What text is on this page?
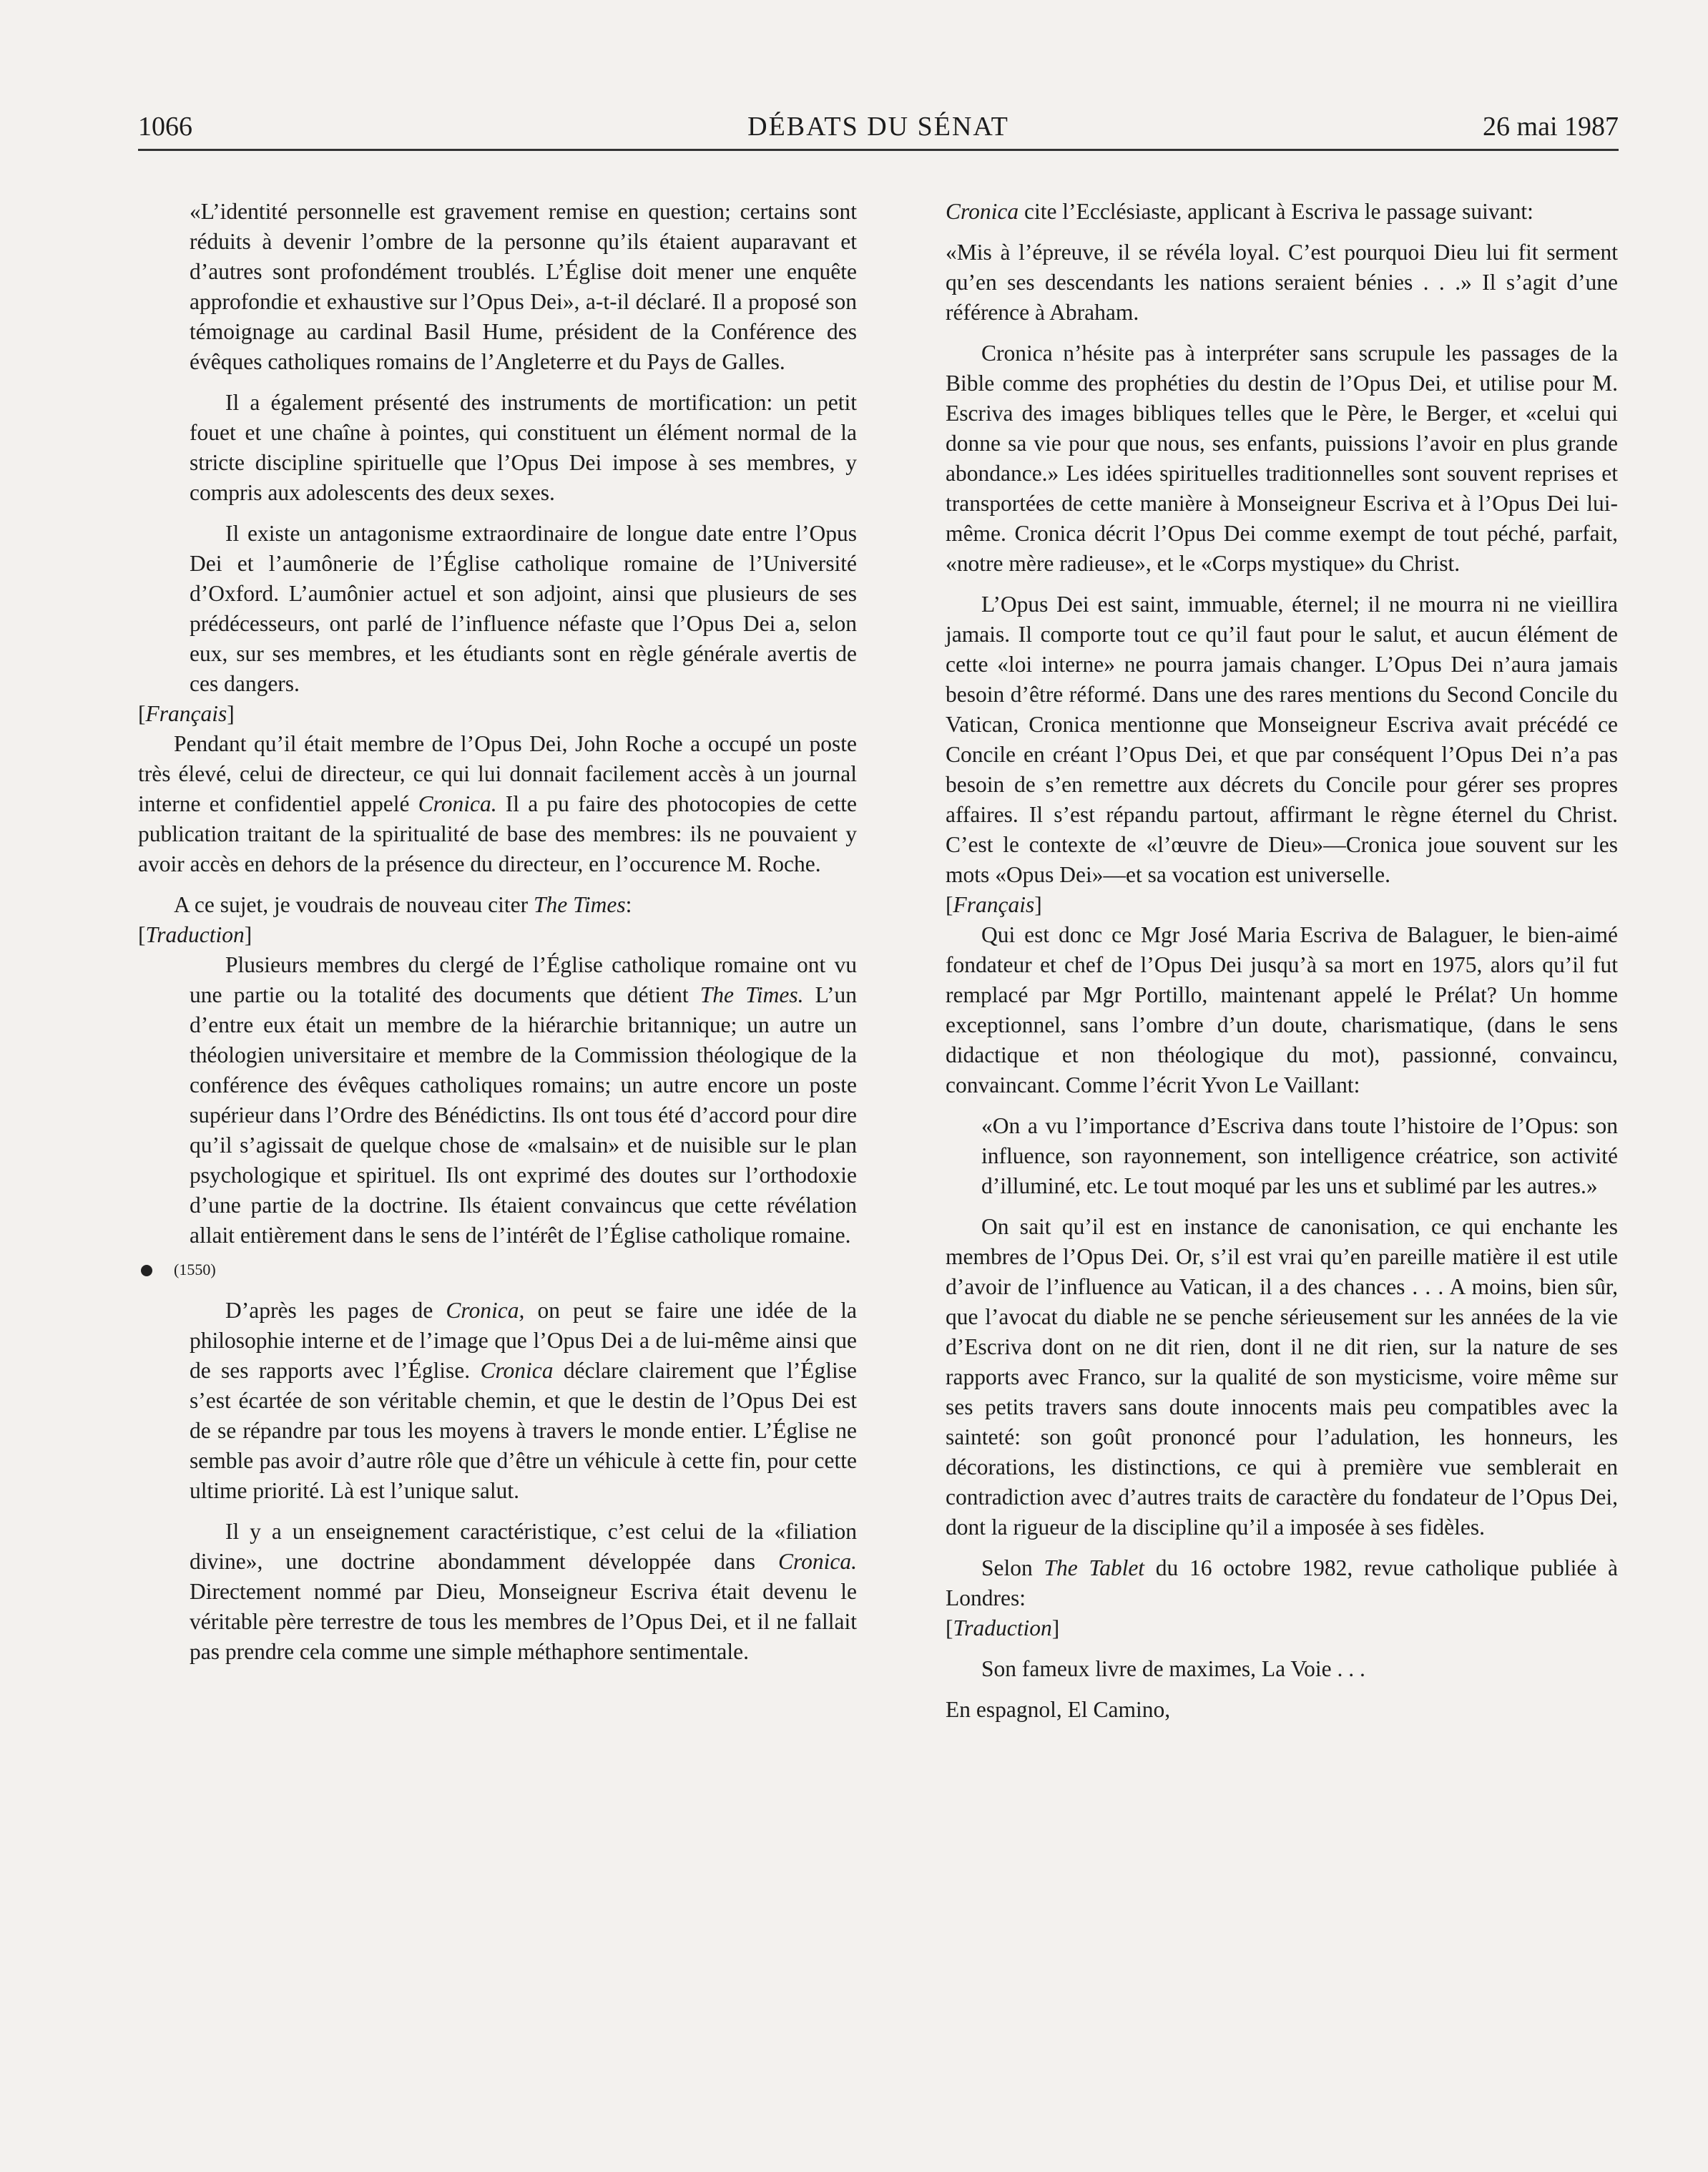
1066	DÉBATS DU SÉNAT	26 mai 1987

«L’identité personnelle est gravement remise en question; certains sont réduits à devenir l’ombre de la personne qu’ils étaient auparavant et d’autres sont profondément troublés. L’Église doit mener une enquête approfondie et exhaustive sur l’Opus Dei», a-t-il déclaré. Il a proposé son témoignage au cardinal Basil Hume, président de la Conférence des évêques catholiques romains de l’Angleterre et du Pays de Galles.

Il a également présenté des instruments de mortification: un petit fouet et une chaîne à pointes, qui constituent un élément normal de la stricte discipline spirituelle que l’Opus Dei impose à ses membres, y compris aux adolescents des deux sexes.

Il existe un antagonisme extraordinaire de longue date entre l’Opus Dei et l’aumônerie de l’Église catholique romaine de l’Université d’Oxford. L’aumônier actuel et son adjoint, ainsi que plusieurs de ses prédécesseurs, ont parlé de l’influence néfaste que l’Opus Dei a, selon eux, sur ses membres, et les étudiants sont en règle générale avertis de ces dangers.

[Français]

Pendant qu’il était membre de l’Opus Dei, John Roche a occupé un poste très élevé, celui de directeur, ce qui lui donnait facilement accès à un journal interne et confidentiel appelé Cronica. Il a pu faire des photocopies de cette publication traitant de la spiritualité de base des membres: ils ne pouvaient y avoir accès en dehors de la présence du directeur, en l’occurence M. Roche.

A ce sujet, je voudrais de nouveau citer The Times:

[Traduction]

Plusieurs membres du clergé de l’Église catholique romaine ont vu une partie ou la totalité des documents que détient The Times. L’un d’entre eux était un membre de la hiérarchie britannique; un autre un théologien universitaire et membre de la Commission théologique de la conférence des évêques catholiques romains; un autre encore un poste supérieur dans l’Ordre des Bénédictins. Ils ont tous été d’accord pour dire qu’il s’agissait de quelque chose de «malsain» et de nuisible sur le plan psychologique et spirituel. Ils ont exprimé des doutes sur l’orthodoxie d’une partie de la doctrine. Ils étaient convaincus que cette révélation allait entièrement dans le sens de l’intérêt de l’Église catholique romaine.

(1550)

D’après les pages de Cronica, on peut se faire une idée de la philosophie interne et de l’image que l’Opus Dei a de lui-même ainsi que de ses rapports avec l’Église. Cronica déclare clairement que l’Église s’est écartée de son véritable chemin, et que le destin de l’Opus Dei est de se répandre par tous les moyens à travers le monde entier. L’Église ne semble pas avoir d’autre rôle que d’être un véhicule à cette fin, pour cette ultime priorité. Là est l’unique salut.

Il y a un enseignement caractéristique, c’est celui de la «filiation divine», une doctrine abondamment développée dans Cronica. Directement nommé par Dieu, Monseigneur Escriva était devenu le véritable père terrestre de tous les membres de l’Opus Dei, et il ne fallait pas prendre cela comme une simple méthaphore sentimentale.

Cronica cite l’Ecclésiaste, applicant à Escriva le passage suivant:

«Mis à l’épreuve, il se révéla loyal. C’est pourquoi Dieu lui fit serment qu’en ses descendants les nations seraient bénies . . .» Il s’agit d’une référence à Abraham.

Cronica n’hésite pas à interpréter sans scrupule les passages de la Bible comme des prophéties du destin de l’Opus Dei, et utilise pour M. Escriva des images bibliques telles que le Père, le Berger, et «celui qui donne sa vie pour que nous, ses enfants, puissions l’avoir en plus grande abondance.» Les idées spirituelles traditionnelles sont souvent reprises et transportées de cette manière à Monseigneur Escriva et à l’Opus Dei lui-même. Cronica décrit l’Opus Dei comme exempt de tout péché, parfait, «notre mère radieuse», et le «Corps mystique» du Christ.

L’Opus Dei est saint, immuable, éternel; il ne mourra ni ne vieillira jamais. Il comporte tout ce qu’il faut pour le salut, et aucun élément de cette «loi interne» ne pourra jamais changer. L’Opus Dei n’aura jamais besoin d’être réformé. Dans une des rares mentions du Second Concile du Vatican, Cronica mentionne que Monseigneur Escriva avait précédé ce Concile en créant l’Opus Dei, et que par conséquent l’Opus Dei n’a pas besoin de s’en remettre aux décrets du Concile pour gérer ses propres affaires. Il s’est répandu partout, affirmant le règne éternel du Christ. C’est le contexte de «l’œuvre de Dieu»—Cronica joue souvent sur les mots «Opus Dei»—et sa vocation est universelle.

[Français]

Qui est donc ce Mgr José Maria Escriva de Balaguer, le bien-aimé fondateur et chef de l’Opus Dei jusqu’à sa mort en 1975, alors qu’il fut remplacé par Mgr Portillo, maintenant appelé le Prélat? Un homme exceptionnel, sans l’ombre d’un doute, charismatique, (dans le sens didactique et non théologique du mot), passionné, convaincu, convaincant. Comme l’écrit Yvon Le Vaillant:

«On a vu l’importance d’Escriva dans toute l’histoire de l’Opus: son influence, son rayonnement, son intelligence créatrice, son activité d’illuminé, etc. Le tout moqué par les uns et sublimé par les autres.»

On sait qu’il est en instance de canonisation, ce qui enchante les membres de l’Opus Dei. Or, s’il est vrai qu’en pareille matière il est utile d’avoir de l’influence au Vatican, il a des chances . . . A moins, bien sûr, que l’avocat du diable ne se penche sérieusement sur les années de la vie d’Escriva dont on ne dit rien, dont il ne dit rien, sur la nature de ses rapports avec Franco, sur la qualité de son mysticisme, voire même sur ses petits travers sans doute innocents mais peu compatibles avec la sainteté: son goût prononcé pour l’adulation, les honneurs, les décorations, les distinctions, ce qui à première vue semblerait en contradiction avec d’autres traits de caractère du fondateur de l’Opus Dei, dont la rigueur de la discipline qu’il a imposée à ses fidèles.

Selon The Tablet du 16 octobre 1982, revue catholique publiée à Londres:

[Traduction]

Son fameux livre de maximes, La Voie . . .

En espagnol, El Camino,
